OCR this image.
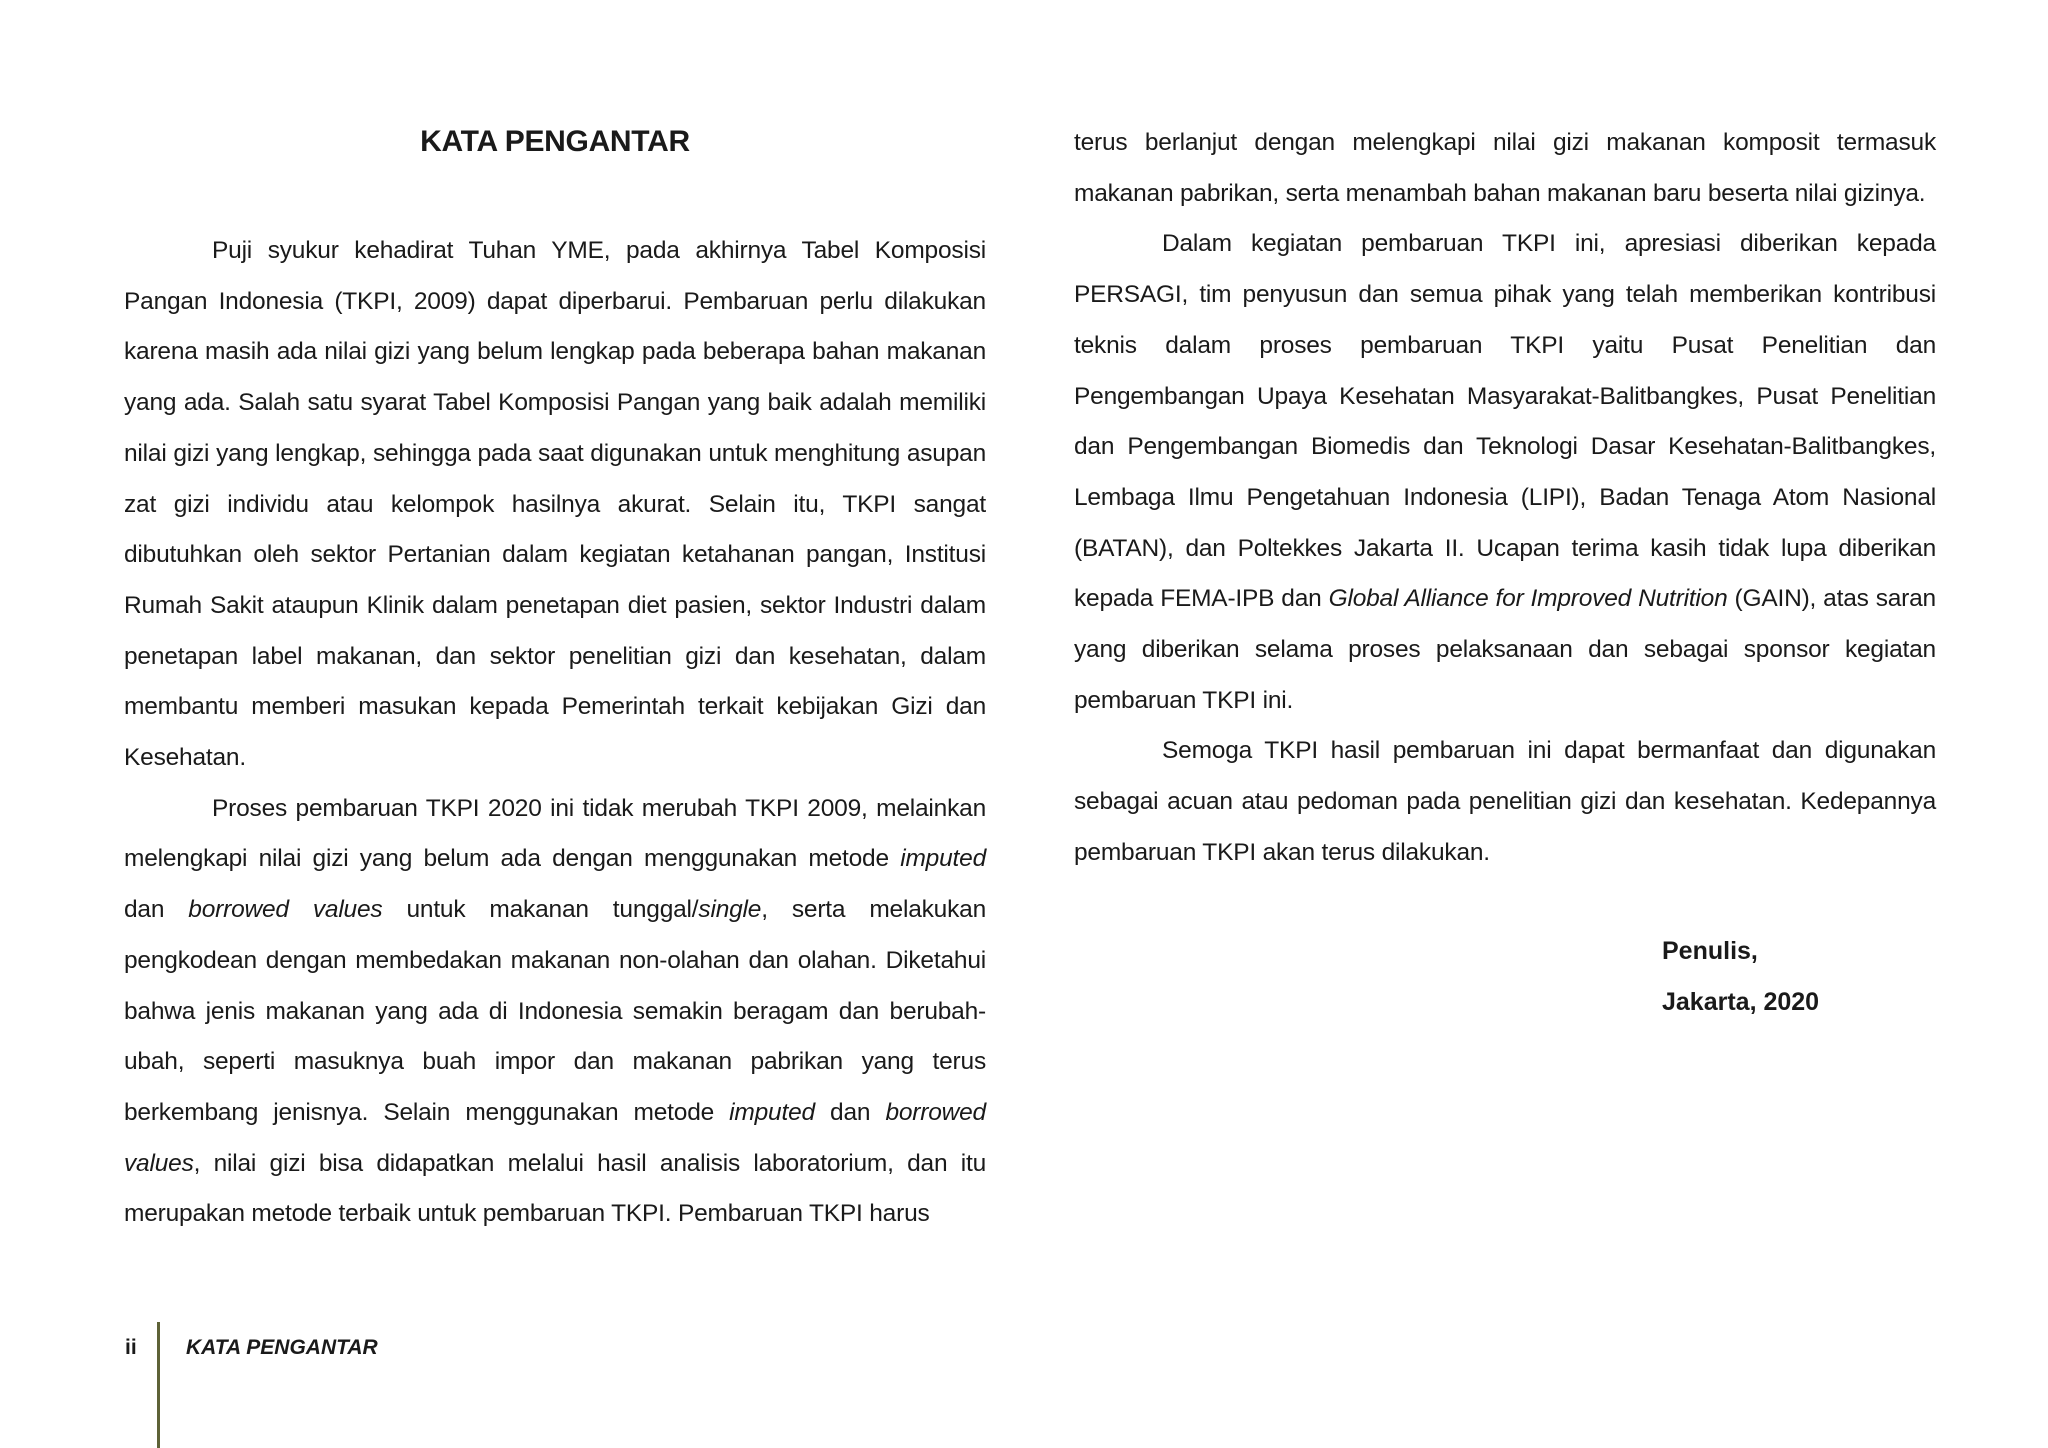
KATA PENGANTAR

Puji syukur kehadirat Tuhan YME, pada akhirnya Tabel Komposisi Pangan Indonesia (TKPI, 2009) dapat diperbarui. Pembaruan perlu dilakukan karena masih ada nilai gizi yang belum lengkap pada beberapa bahan makanan yang ada. Salah satu syarat Tabel Komposisi Pangan yang baik adalah memiliki nilai gizi yang lengkap, sehingga pada saat digunakan untuk menghitung asupan zat gizi individu atau kelompok hasilnya akurat. Selain itu, TKPI sangat dibutuhkan oleh sektor Pertanian dalam kegiatan ketahanan pangan, Institusi Rumah Sakit ataupun Klinik dalam penetapan diet pasien, sektor Industri dalam penetapan label makanan, dan sektor penelitian gizi dan kesehatan, dalam membantu memberi masukan kepada Pemerintah terkait kebijakan Gizi dan Kesehatan.

Proses pembaruan TKPI 2020 ini tidak merubah TKPI 2009, melainkan melengkapi nilai gizi yang belum ada dengan menggunakan metode imputed dan borrowed values untuk makanan tunggal/single, serta melakukan pengkodean dengan membedakan makanan non-olahan dan olahan. Diketahui bahwa jenis makanan yang ada di Indonesia semakin beragam dan berubah-ubah, seperti masuknya buah impor dan makanan pabrikan yang terus berkembang jenisnya. Selain menggunakan metode imputed dan borrowed values, nilai gizi bisa didapatkan melalui hasil analisis laboratorium, dan itu merupakan metode terbaik untuk pembaruan TKPI. Pembaruan TKPI harus

terus berlanjut dengan melengkapi nilai gizi makanan komposit termasuk makanan pabrikan, serta menambah bahan makanan baru beserta nilai gizinya.

Dalam kegiatan pembaruan TKPI ini, apresiasi diberikan kepada PERSAGI, tim penyusun dan semua pihak yang telah memberikan kontribusi teknis dalam proses pembaruan TKPI yaitu Pusat Penelitian dan Pengembangan Upaya Kesehatan Masyarakat-Balitbangkes, Pusat Penelitian dan Pengembangan Biomedis dan Teknologi Dasar Kesehatan-Balitbangkes, Lembaga Ilmu Pengetahuan Indonesia (LIPI), Badan Tenaga Atom Nasional (BATAN), dan Poltekkes Jakarta II. Ucapan terima kasih tidak lupa diberikan kepada FEMA-IPB dan Global Alliance for Improved Nutrition (GAIN), atas saran yang diberikan selama proses pelaksanaan dan sebagai sponsor kegiatan pembaruan TKPI ini.

Semoga TKPI hasil pembaruan ini dapat bermanfaat dan digunakan sebagai acuan atau pedoman pada penelitian gizi dan kesehatan. Kedepannya pembaruan TKPI akan terus dilakukan.

Penulis,
Jakarta, 2020
ii KATA PENGANTAR
